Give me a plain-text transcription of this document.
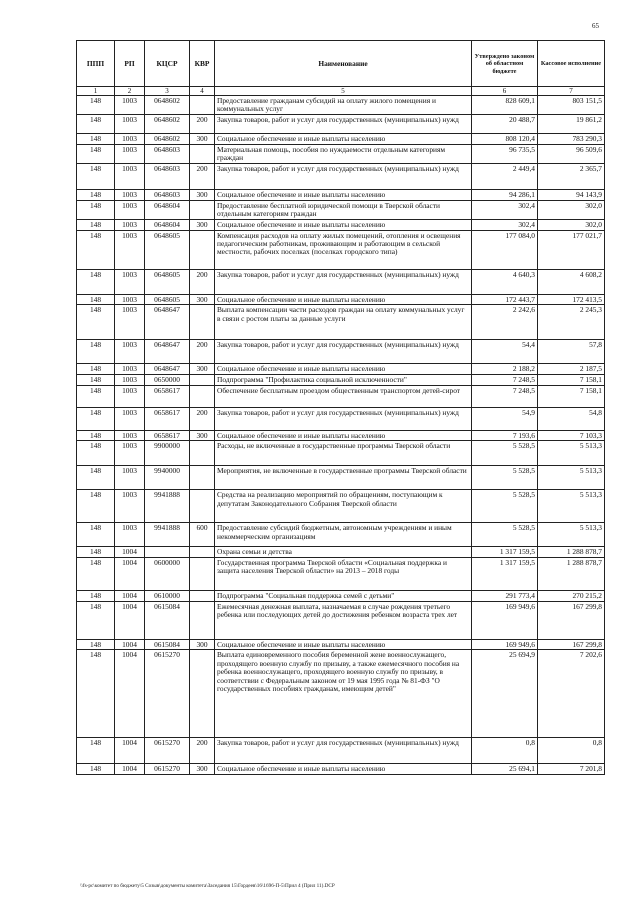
65
ППП	РП	КЦСР	КВР	Наименование	Утверждено законом об областном бюджете	Кассовое исполнение
1	2	3	4	5	6	7
148	1003	0648602		Предоставление гражданам субсидий на оплату жилого помещения и коммунальных услуг	828 609,1	803 151,5
148	1003	0648602	200	Закупка товаров, работ и услуг для государственных (муниципальных) нужд	20 488,7	19 861,2
148	1003	0648602	300	Социальное обеспечение и иные выплаты населению	808 120,4	783 290,3
148	1003	0648603		Материальная помощь, пособия по нуждаемости отдельным категориям граждан	96 735,5	96 509,6
148	1003	0648603	200	Закупка товаров, работ и услуг для государственных (муниципальных) нужд	2 449,4	2 365,7
148	1003	0648603	300	Социальное обеспечение и иные выплаты населению	94 286,1	94 143,9
148	1003	0648604		Предоставление бесплатной юридической помощи в Тверской области отдельным категориям граждан	302,4	302,0
148	1003	0648604	300	Социальное обеспечение и иные выплаты населению	302,4	302,0
148	1003	0648605		Компенсация расходов на оплату жилых помещений, отопления и освещения педагогическим работникам, проживающим и работающим в сельской местности, рабочих поселках (поселках городского типа)	177 084,0	177 021,7
148	1003	0648605	200	Закупка товаров, работ и услуг для государственных (муниципальных) нужд	4 640,3	4 608,2
148	1003	0648605	300	Социальное обеспечение и иные выплаты населению	172 443,7	172 413,5
148	1003	0648647		Выплата компенсации части расходов граждан на оплату коммунальных услуг в связи с ростом платы за данные услуги	2 242,6	2 245,3
148	1003	0648647	200	Закупка товаров, работ и услуг для государственных (муниципальных) нужд	54,4	57,8
148	1003	0648647	300	Социальное обеспечение и иные выплаты населению	2 188,2	2 187,5
148	1003	0650000		Подпрограмма "Профилактика социальной исключенности"	7 248,5	7 158,1
148	1003	0658617		Обеспечение бесплатным проездом общественным транспортом детей-сирот	7 248,5	7 158,1
148	1003	0658617	200	Закупка товаров, работ и услуг для государственных (муниципальных) нужд	54,9	54,8
148	1003	0658617	300	Социальное обеспечение и иные выплаты населению	7 193,6	7 103,3
148	1003	9900000		Расходы, не включенные в государственные программы Тверской области	5 528,5	5 513,3
148	1003	9940000		Мероприятия, не включенные в государственные программы Тверской области	5 528,5	5 513,3
148	1003	9941888		Средства на реализацию мероприятий по обращениям, поступающим к депутатам Законодательного Собрания Тверской области	5 528,5	5 513,3
148	1003	9941888	600	Предоставление субсидий бюджетным, автономным учреждениям и иным некоммерческим организациям	5 528,5	5 513,3
148	1004			Охрана семьи и детства	1 317 159,5	1 288 878,7
148	1004	0600000		Государственная программа Тверской области «Социальная поддержка и защита населения Тверской области» на 2013 – 2018 годы	1 317 159,5	1 288 878,7
148	1004	0610000		Подпрограмма "Социальная поддержка семей с детьми"	291 773,4	270 215,2
148	1004	0615084		Ежемесячная денежная выплата, назначаемая в случае рождения третьего ребенка или последующих детей до достижения ребенком возраста трех лет	169 949,6	167 299,8
148	1004	0615084	300	Социальное обеспечение и иные выплаты населению	169 949,6	167 299,8
148	1004	0615270		Выплата единовременного пособия беременной жене военнослужащего, проходящего военную службу по призыву, а также ежемесячного пособия на ребенка военнослужащего, проходящего военную службу по призыву, в соответствии с Федеральным законом от 19 мая 1995 года № 81-ФЗ "О государственных пособиях гражданам, имеющим детей"	25 694,9	7 202,6
148	1004	0615270	200	Закупка товаров, работ и услуг для государственных (муниципальных) нужд	0,8	0,8
148	1004	0615270	300	Социальное обеспечение и иные выплаты населению	25 694,1	7 201,8
\\fs-pc\комитет по бюджету\5 Созыв\документы комитета\Заседания 15\Гордеев\16\1696-П-5\Прил 4 (Прил 11).DCP
